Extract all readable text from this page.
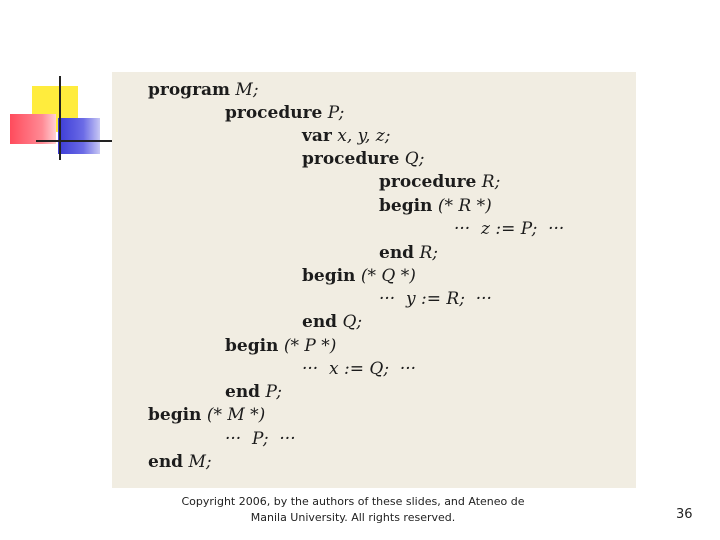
program M;
procedure P;
var x, y, z;
procedure Q;
procedure R;
begin (* R *)
···  z := P;  ···
end R;
begin (* Q *)
···  y := R;  ···
end Q;
begin (* P *)
···  x := Q;  ···
end P;
begin (* M *)
···  P;  ···
end M;
Copyright 2006, by the authors of these slides, and Ateneo de
Manila University. All rights reserved.	36
